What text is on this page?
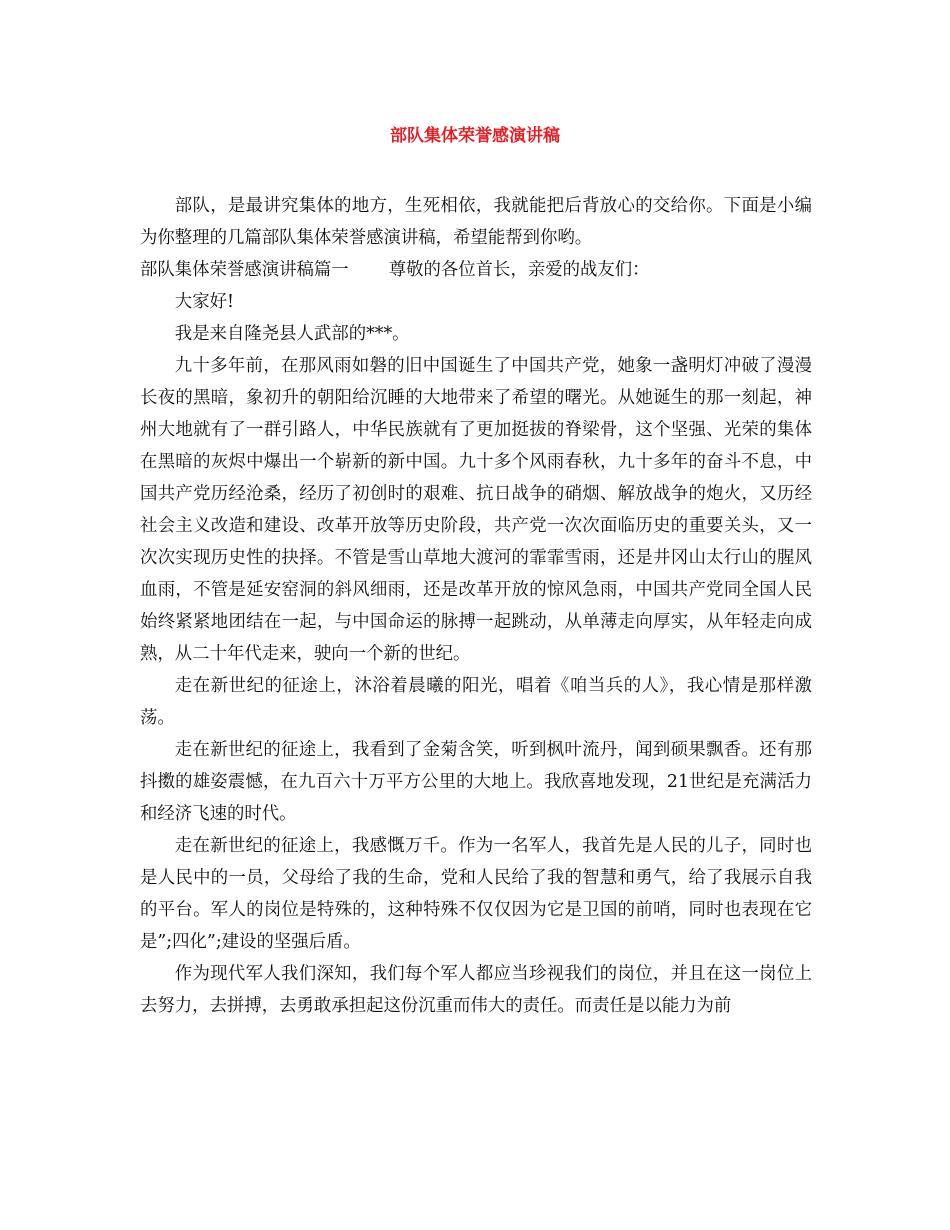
部队集体荣誉感演讲稿

部队，是最讲究集体的地方，生死相依，我就能把后背放心的交给你。下面是小编为你整理的几篇部队集体荣誉感演讲稿，希望能帮到你哟。

部队集体荣誉感演讲稿篇一 尊敬的各位首长，亲爱的战友们：

大家好!

我是来自隆尧县人武部的***。

九十多年前，在那风雨如磐的旧中国诞生了中国共产党，她象一盏明灯冲破了漫漫长夜的黑暗，象初升的朝阳给沉睡的大地带来了希望的曙光。从她诞生的那一刻起，神州大地就有了一群引路人，中华民族就有了更加挺拔的脊梁骨，这个坚强、光荣的集体在黑暗的灰烬中爆出一个崭新的新中国。九十多个风雨春秋，九十多年的奋斗不息，中国共产党历经沧桑，经历了初创时的艰难、抗日战争的硝烟、解放战争的炮火，又历经社会主义改造和建设、改革开放等历史阶段，共产党一次次面临历史的重要关头，又一次次实现历史性的抉择。不管是雪山草地大渡河的霏霏雪雨，还是井冈山太行山的腥风血雨，不管是延安窑洞的斜风细雨，还是改革开放的惊风急雨，中国共产党同全国人民始终紧紧地团结在一起，与中国命运的脉搏一起跳动，从单薄走向厚实，从年轻走向成熟，从二十年代走来，驶向一个新的世纪。

走在新世纪的征途上，沐浴着晨曦的阳光，唱着《咱当兵的人》，我心情是那样激荡。

走在新世纪的征途上，我看到了金菊含笑，听到枫叶流丹，闻到硕果飘香。还有那抖擞的雄姿震憾，在九百六十万平方公里的大地上。我欣喜地发现，21世纪是充满活力和经济飞速的时代。

走在新世纪的征途上，我感慨万千。作为一名军人，我首先是人民的儿子，同时也是人民中的一员，父母给了我的生命，党和人民给了我的智慧和勇气，给了我展示自我的平台。军人的岗位是特殊的，这种特殊不仅仅因为它是卫国的前哨，同时也表现在它是”;四化”;建设的坚强后盾。

作为现代军人我们深知，我们每个军人都应当珍视我们的岗位，并且在这一岗位上去努力，去拼搏，去勇敢承担起这份沉重而伟大的责任。而责任是以能力为前
